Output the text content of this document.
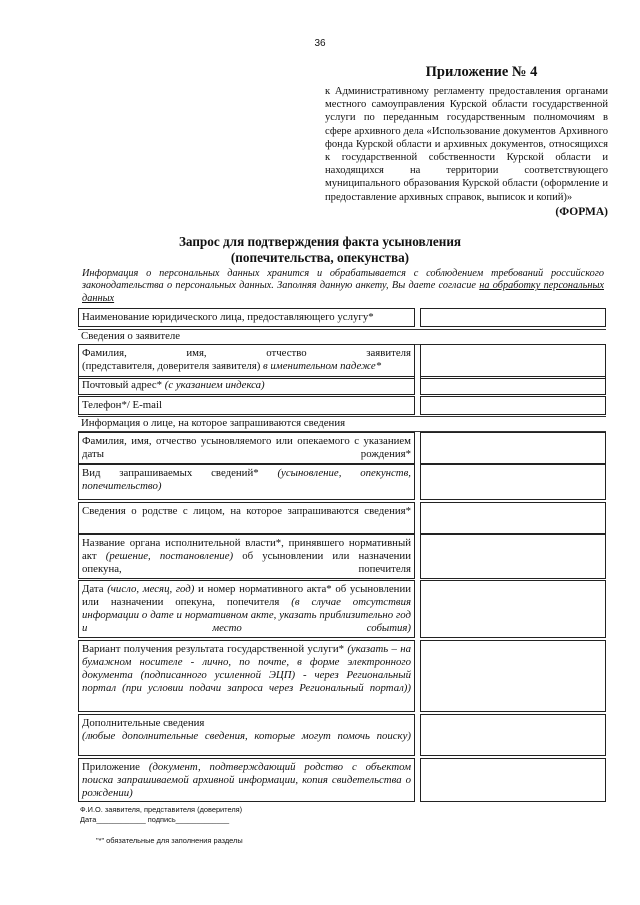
36
Приложение № 4
к Административному регламенту предоставления органами местного самоуправления Курской области государственной услуги по переданным государственным полномочиям в сфере архивного дела «Использование документов Архивного фонда Курской области и архивных документов, относящихся к государственной собственности Курской области и находящихся на территории соответствующего муниципального образования Курской области (оформление и предоставление архивных справок, выписок и копий)»
(ФОРМА)
Запрос для подтверждения факта усыновления
(попечительства, опекунства)
Информация о персональных данных хранится и обрабатывается с соблюдением требований российского законодательства о персональных данных. Заполняя данную анкету, Вы даете согласие на обработку персональных данных
Наименование юридического лица, предоставляющего услугу*
Сведения о заявителе
Фамилия, имя, отчество заявителя
(представителя, доверителя заявителя) в именительном падеже*
Почтовый адрес* (с указанием индекса)
Телефон*/ E-mail
Информация о лице, на которое запрашиваются сведения
Фамилия, имя, отчество усыновляемого или опекаемого с указанием даты рождения*
Вид запрашиваемых сведений* (усыновление, опекунств, попечительство)
Сведения о родстве с лицом, на которое запрашиваются сведения*
Название органа исполнительной власти*, принявшего нормативный акт (решение, постановление) об усыновлении или назначении опекуна, попечителя
Дата (число, месяц, год) и номер нормативного акта* об усыновлении или назначении опекуна, попечителя (в случае отсутствия информации о дате и нормативном акте, указать приблизительно год и место события)
Вариант получения результата государственной услуги* (указать – на бумажном носителе - лично, по почте, в форме электронного документа (подписанного усиленной ЭЦП) - через Региональный портал (при условии подачи запроса через Региональный портал))
Дополнительные сведения
(любые дополнительные сведения, которые могут помочь поиску)
Приложение (документ, подтверждающий родство с объектом поиска запрашиваемой архивной информации, копия свидетельства о рождении)
Ф.И.О. заявителя, представителя (доверителя)
Дата____________ подпись_____________
"*" обязательные для заполнения разделы
